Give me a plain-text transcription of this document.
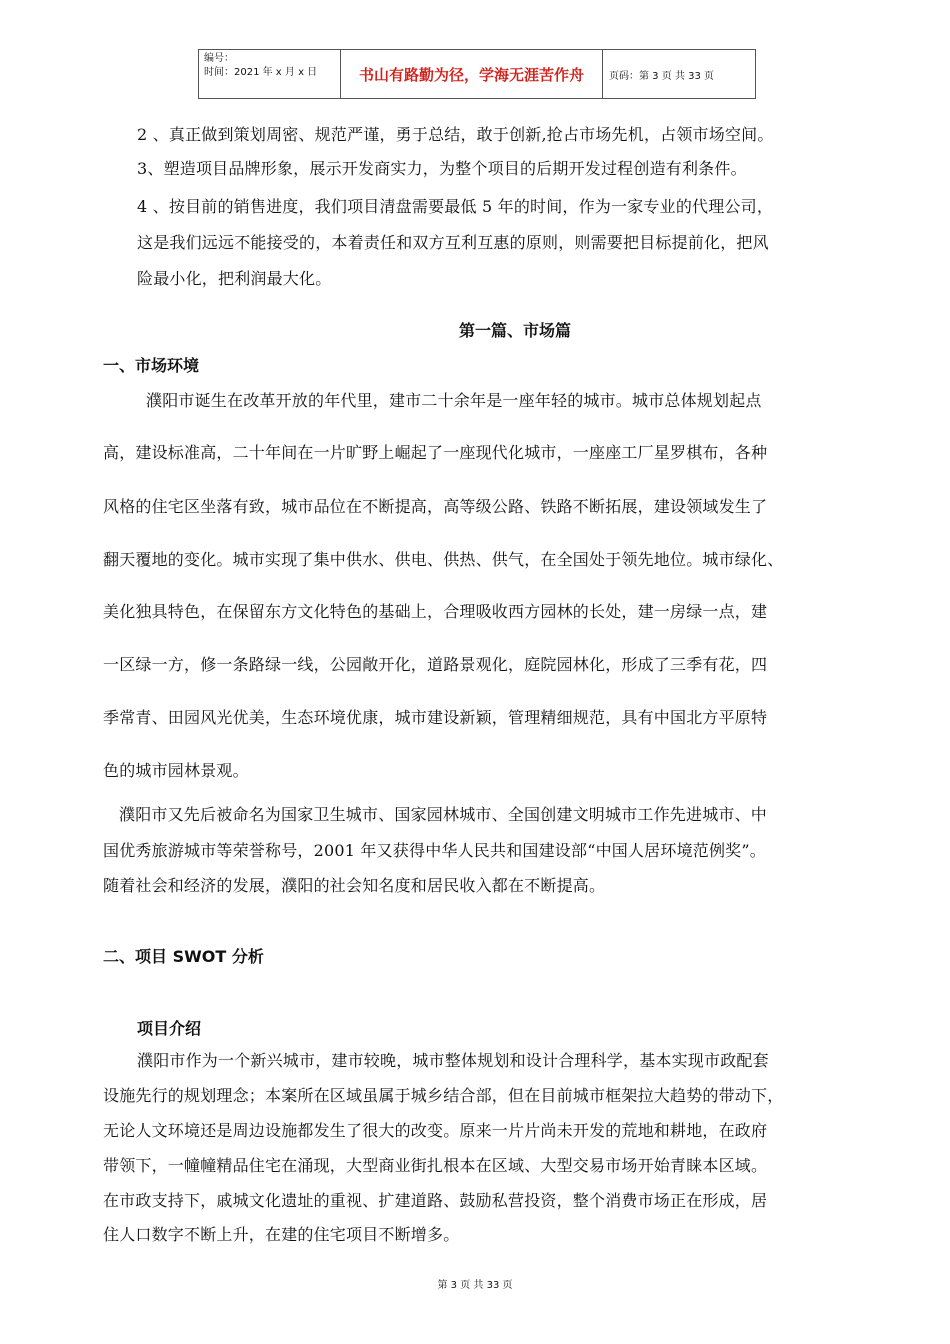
编号：
时间：2021 年 x 月 x 日	书山有路勤为径，学海无涯苦作舟	页码：第 3 页 共 33 页
2 、真正做到策划周密、规范严谨，勇于总结，敢于创新,抢占市场先机，占领市场空间。
3、塑造项目品牌形象，展示开发商实力，为整个项目的后期开发过程创造有利条件。
4 、按目前的销售进度，我们项目清盘需要最低 5 年的时间，作为一家专业的代理公司，
这是我们远远不能接受的，本着责任和双方互利互惠的原则，则需要把目标提前化，把风
险最小化，把利润最大化。
第一篇、市场篇
一、市场环境
濮阳市诞生在改革开放的年代里，建市二十余年是一座年轻的城市。城市总体规划起点
高，建设标准高，二十年间在一片旷野上崛起了一座现代化城市，一座座工厂星罗棋布，各种
风格的住宅区坐落有致，城市品位在不断提高，高等级公路、铁路不断拓展，建设领域发生了
翻天覆地的变化。城市实现了集中供水、供电、供热、供气，在全国处于领先地位。城市绿化、
美化独具特色，在保留东方文化特色的基础上，合理吸收西方园林的长处，建一房绿一点，建
一区绿一方，修一条路绿一线，公园敞开化，道路景观化，庭院园林化，形成了三季有花，四
季常青、田园风光优美，生态环境优康，城市建设新颖，管理精细规范，具有中国北方平原特
色的城市园林景观。
濮阳市又先后被命名为国家卫生城市、国家园林城市、全国创建文明城市工作先进城市、中
国优秀旅游城市等荣誉称号，2001 年又获得中华人民共和国建设部“中国人居环境范例奖”。
随着社会和经济的发展，濮阳的社会知名度和居民收入都在不断提高。
二、项目 SWOT 分析
项目介绍
濮阳市作为一个新兴城市，建市较晚，城市整体规划和设计合理科学，基本实现市政配套
设施先行的规划理念；本案所在区域虽属于城乡结合部，但在目前城市框架拉大趋势的带动下，
无论人文环境还是周边设施都发生了很大的改变。原来一片片尚未开发的荒地和耕地，在政府
带领下，一幢幢精品住宅在涌现，大型商业街扎根本在区域、大型交易市场开始青睐本区域。
在市政支持下，戚城文化遗址的重视、扩建道路、鼓励私营投资，整个消费市场正在形成，居
住人口数字不断上升，在建的住宅项目不断增多。
第 3 页 共 33 页
